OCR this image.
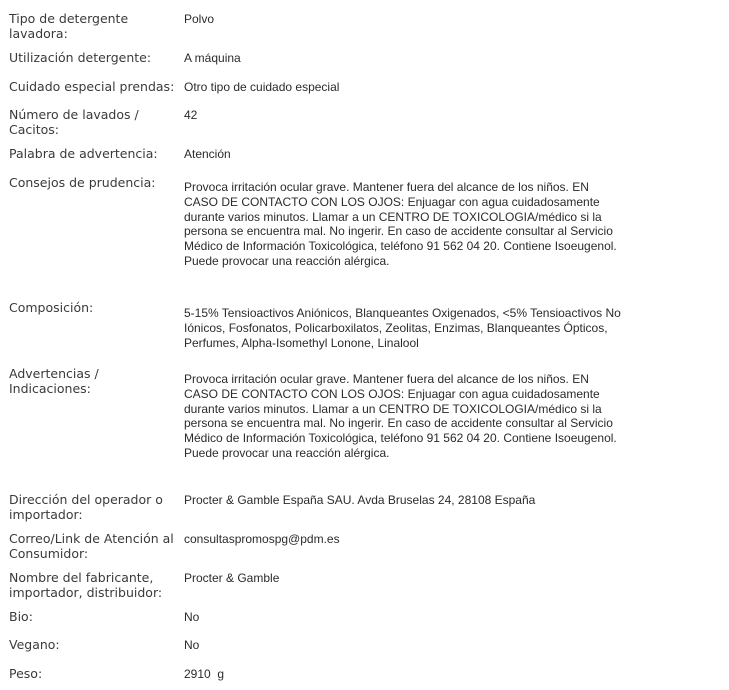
Tipo de detergente lavadora:
Polvo
Utilización detergente:	A máquina
Cuidado especial prendas: Otro tipo de cuidado especial
Número de lavados / Cacitos:
42
Palabra de advertencia:	Atención
Consejos de prudencia:	Provoca irritación ocular grave. Mantener fuera del alcance de los niños. EN CASO DE CONTACTO CON LOS OJOS: Enjuagar con agua cuidadosamente durante varios minutos. Llamar a un CENTRO DE TOXICOLOGIA/médico si la persona se encuentra mal. No ingerir. En caso de accidente consultar al Servicio Médico de Información Toxicológica, teléfono 91 562 04 20. Contiene Isoeugenol. Puede provocar una reacción alérgica.
Composición:	5-15% Tensioactivos Aniónicos, Blanqueantes Oxigenados, <5% Tensioactivos No Iónicos, Fosfonatos, Policarboxilatos, Zeolitas, Enzimas, Blanqueantes Ópticos, Perfumes, Alpha-Isomethyl Lonone, Linalool
Advertencias / Indicaciones:
Provoca irritación ocular grave. Mantener fuera del alcance de los niños. EN CASO DE CONTACTO CON LOS OJOS: Enjuagar con agua cuidadosamente durante varios minutos. Llamar a un CENTRO DE TOXICOLOGIA/médico si la persona se encuentra mal. No ingerir. En caso de accidente consultar al Servicio Médico de Información Toxicológica, teléfono 91 562 04 20. Contiene Isoeugenol. Puede provocar una reacción alérgica.
Dirección del operador o importador:
Procter & Gamble España SAU. Avda Bruselas 24, 28108 España
Correo/Link de Atención al Consumidor:
consultaspromospg@pdm.es
Nombre del fabricante, importador, distribuidor:
Procter & Gamble
Bio:	No
Vegano:	No
Peso:	2910  g
